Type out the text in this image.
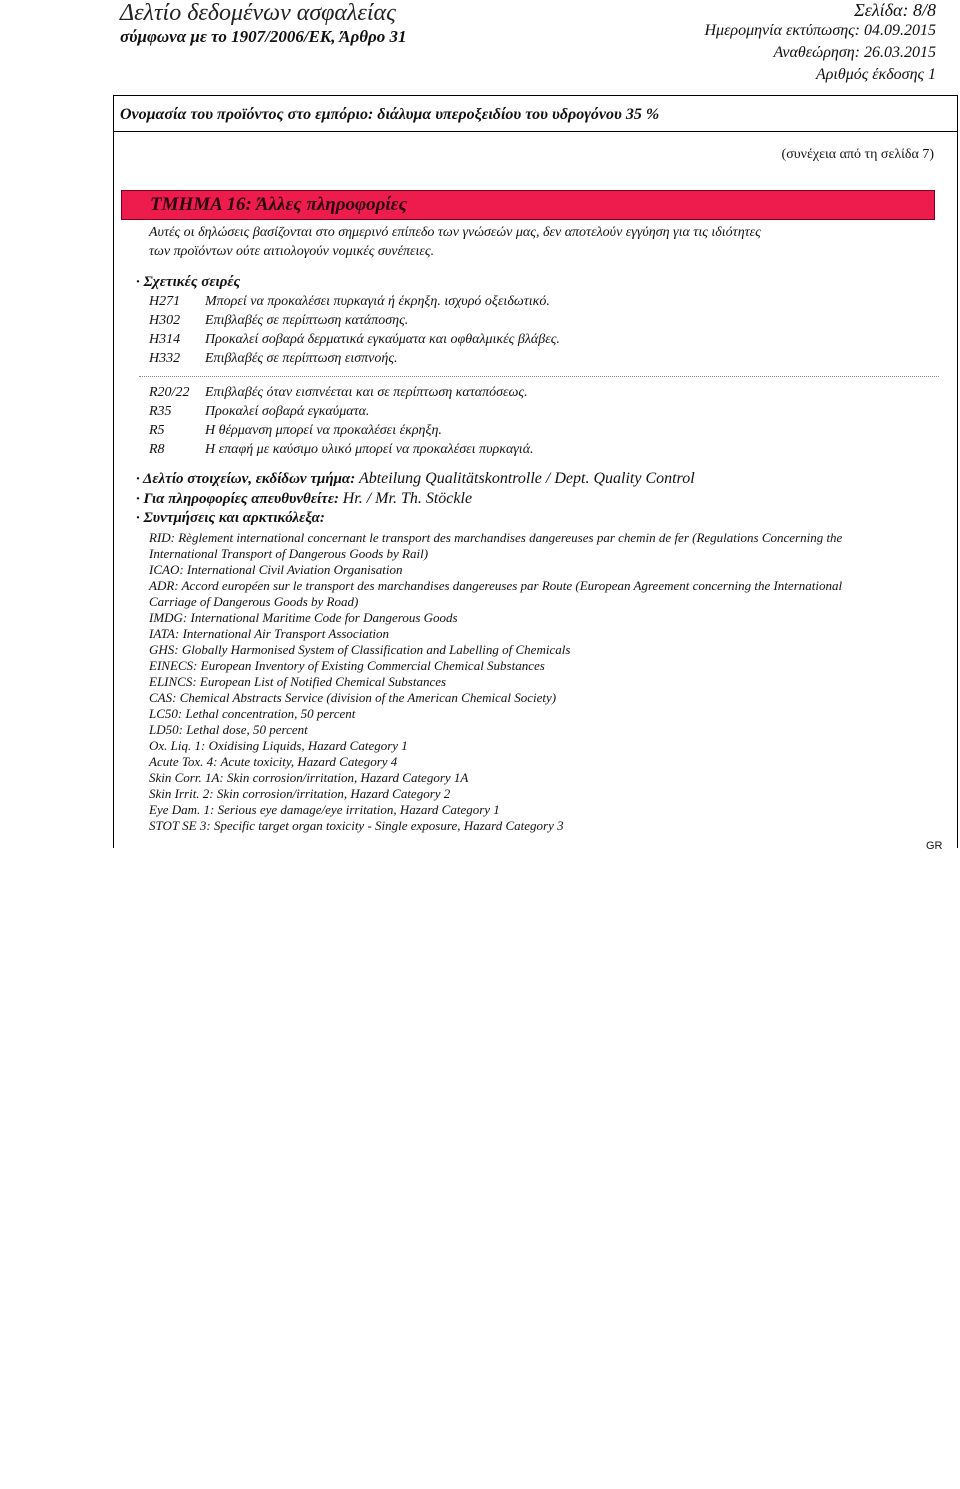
Δελτίο δεδομένων ασφαλείας
σύμφωνα με το 1907/2006/ΕΚ, Άρθρο 31
Σελίδα: 8/8
Ημερομηνία εκτύπωσης: 04.09.2015
Αναθεώρηση: 26.03.2015
Αριθμός έκδοσης 1
Ονομασία του προϊόντος στο εμπόριο: διάλυμα υπεροξειδίου του υδρογόνου 35 %
(συνέχεια από τη σελίδα 7)
ΤΜΗΜΑ 16: Άλλες πληροφορίες

Αυτές οι δηλώσεις βασίζονται στο σημερινό επίπεδο των γνώσεών μας, δεν αποτελούν εγγύηση για τις ιδιότητες

των προϊόντων ούτε αιτιολογούν νομικές συνέπειες.

· Σχετικές σειρές

H271	Μπορεί να προκαλέσει πυρκαγιά ή έκρηξη. ισχυρό οξειδωτικό.
H302	Επιβλαβές σε περίπτωση κατάποσης.
H314	Προκαλεί σοβαρά δερματικά εγκαύματα και οφθαλμικές βλάβες.
H332	Επιβλαβές σε περίπτωση εισπνοής.
R20/22	Επιβλαβές όταν εισπνέεται και σε περίπτωση καταπόσεως.
R35	Προκαλεί σοβαρά εγκαύματα.
R5	Η θέρμανση μπορεί να προκαλέσει έκρηξη.
R8	Η επαφή με καύσιμο υλικό μπορεί να προκαλέσει πυρκαγιά.

· Δελτίο στοιχείων, εκδίδων τμήμα: Abteilung Qualitätskontrolle / Dept. Quality Control

· Για πληροφορίες απευθυνθείτε: Hr. / Mr. Th. Stöckle

· Συντμήσεις και αρκτικόλεξα:

RID: Règlement international concernant le transport des marchandises dangereuses par chemin de fer (Regulations Concerning the
International Transport of Dangerous Goods by Rail)
ICAO: International Civil Aviation Organisation
ADR: Accord européen sur le transport des marchandises dangereuses par Route (European Agreement concerning the International
Carriage of Dangerous Goods by Road)
IMDG: International Maritime Code for Dangerous Goods
IATA: International Air Transport Association
GHS: Globally Harmonised System of Classification and Labelling of Chemicals
EINECS: European Inventory of Existing Commercial Chemical Substances
ELINCS: European List of Notified Chemical Substances
CAS: Chemical Abstracts Service (division of the American Chemical Society)
LC50: Lethal concentration, 50 percent
LD50: Lethal dose, 50 percent
Ox. Liq. 1: Oxidising Liquids, Hazard Category 1
Acute Tox. 4: Acute toxicity, Hazard Category 4
Skin Corr. 1A: Skin corrosion/irritation, Hazard Category 1A
Skin Irrit. 2: Skin corrosion/irritation, Hazard Category 2
Eye Dam. 1: Serious eye damage/eye irritation, Hazard Category 1
STOT SE 3: Specific target organ toxicity - Single exposure, Hazard Category 3
GR
